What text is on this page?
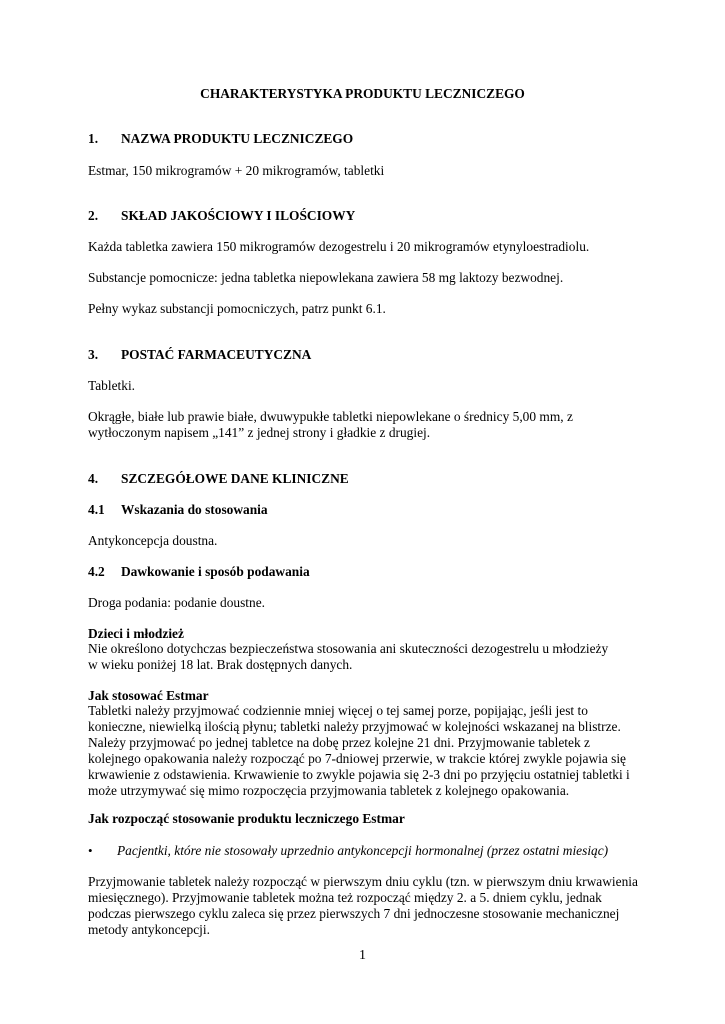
CHARAKTERYSTYKA PRODUKTU LECZNICZEGO
1. NAZWA PRODUKTU LECZNICZEGO
Estmar, 150 mikrogramów + 20 mikrogramów, tabletki
2. SKŁAD JAKOŚCIOWY I ILOŚCIOWY
Każda tabletka zawiera 150 mikrogramów dezogestrelu i 20 mikrogramów etynyloestradiolu.
Substancje pomocnicze: jedna tabletka niepowlekana zawiera 58 mg laktozy bezwodnej.
Pełny wykaz substancji pomocniczych, patrz punkt 6.1.
3. POSTAĆ FARMACEUTYCZNA
Tabletki.
Okrągłe, białe lub prawie białe, dwuwypukłe tabletki niepowlekane o średnicy 5,00 mm, z
wytłoczonym napisem „141” z jednej strony i gładkie z drugiej.
4. SZCZEGÓŁOWE DANE KLINICZNE
4.1 Wskazania do stosowania
Antykoncepcja doustna.
4.2 Dawkowanie i sposób podawania
Droga podania: podanie doustne.
Dzieci i młodzież
Nie określono dotychczas bezpieczeństwa stosowania ani skuteczności dezogestrelu u młodzieży
w wieku poniżej 18 lat. Brak dostępnych danych.
Jak stosować Estmar
Tabletki należy przyjmować codziennie mniej więcej o tej samej porze, popijając, jeśli jest to
konieczne, niewielką ilością płynu; tabletki należy przyjmować w kolejności wskazanej na blistrze.
Należy przyjmować po jednej tabletce na dobę przez kolejne 21 dni. Przyjmowanie tabletek z
kolejnego opakowania należy rozpocząć po 7-dniowej przerwie, w trakcie której zwykle pojawia się
krwawienie z odstawienia. Krwawienie to zwykle pojawia się 2-3 dni po przyjęciu ostatniej tabletki i
może utrzymywać się mimo rozpoczęcia przyjmowania tabletek z kolejnego opakowania.
Jak rozpocząć stosowanie produktu leczniczego Estmar
• Pacjentki, które nie stosowały uprzednio antykoncepcji hormonalnej (przez ostatni miesiąc)
Przyjmowanie tabletek należy rozpocząć w pierwszym dniu cyklu (tzn. w pierwszym dniu krwawienia
miesięcznego). Przyjmowanie tabletek można też rozpocząć między 2. a 5. dniem cyklu, jednak
podczas pierwszego cyklu zaleca się przez pierwszych 7 dni jednoczesne stosowanie mechanicznej
metody antykoncepcji.
1
